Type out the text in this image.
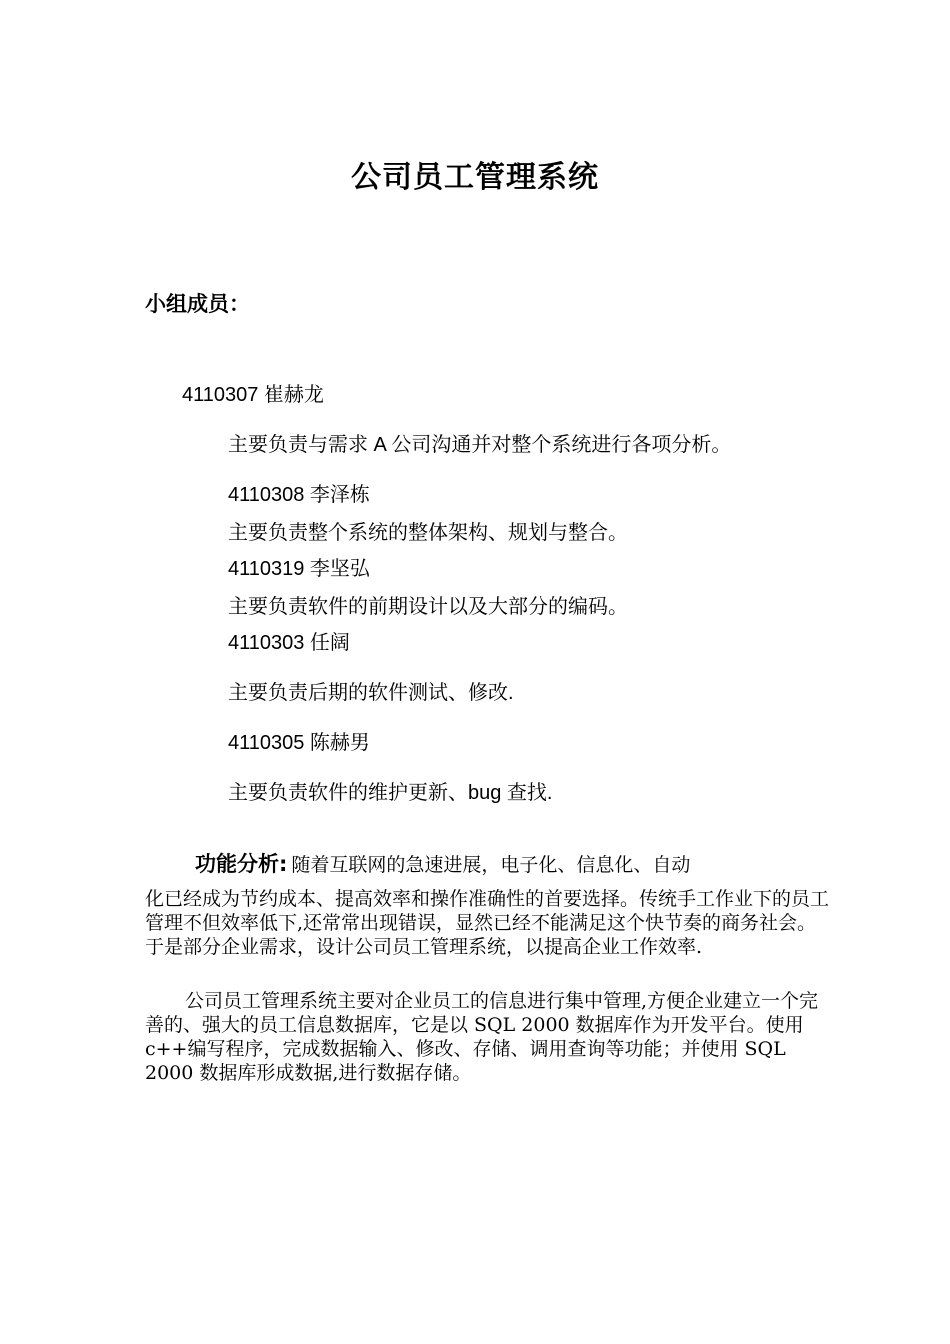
公司员工管理系统
小组成员：
4110307 崔赫龙
主要负责与需求 A 公司沟通并对整个系统进行各项分析。
4110308 李泽栋
主要负责整个系统的整体架构、规划与整合。
4110319 李坚弘
主要负责软件的前期设计以及大部分的编码。
4110303 任阔
主要负责后期的软件测试、修改.
4110305 陈赫男
主要负责软件的维护更新、bug 查找.
功能分析: 随着互联网的急速进展，电子化、信息化、自动
化已经成为节约成本、提高效率和操作准确性的首要选择。传统手工作业下的员工管理不但效率低下,还常常出现错误，显然已经不能满足这个快节奏的商务社会。于是部分企业需求，设计公司员工管理系统，以提高企业工作效率.
公司员工管理系统主要对企业员工的信息进行集中管理,方便企业建立一个完善的、强大的员工信息数据库，它是以 SQL 2000 数据库作为开发平台。使用 c++编写程序，完成数据输入、修改、存储、调用查询等功能；并使用 SQL 2000 数据库形成数据,进行数据存储。
